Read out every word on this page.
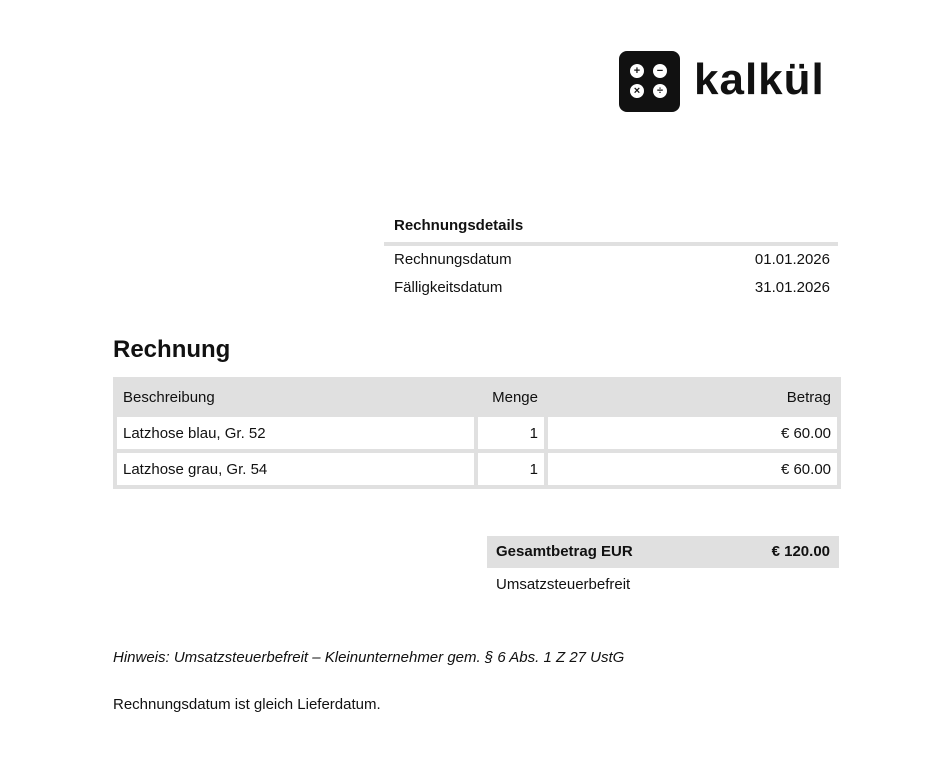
+	−
×	÷ kalkül
Rechnungsdetails
Rechnungsdatum	01.01.2026
Fälligkeitsdatum	31.01.2026
Rechnung
Beschreibung	Menge	Betrag
Latzhose blau, Gr. 52	1	€ 60.00
Latzhose grau, Gr. 54	1	€ 60.00
Gesamtbetrag EUR	€ 120.00
Umsatzsteuerbefreit
Hinweis: Umsatzsteuerbefreit – Kleinunternehmer gem. § 6 Abs. 1 Z 27 UstG
Rechnungsdatum ist gleich Lieferdatum.
